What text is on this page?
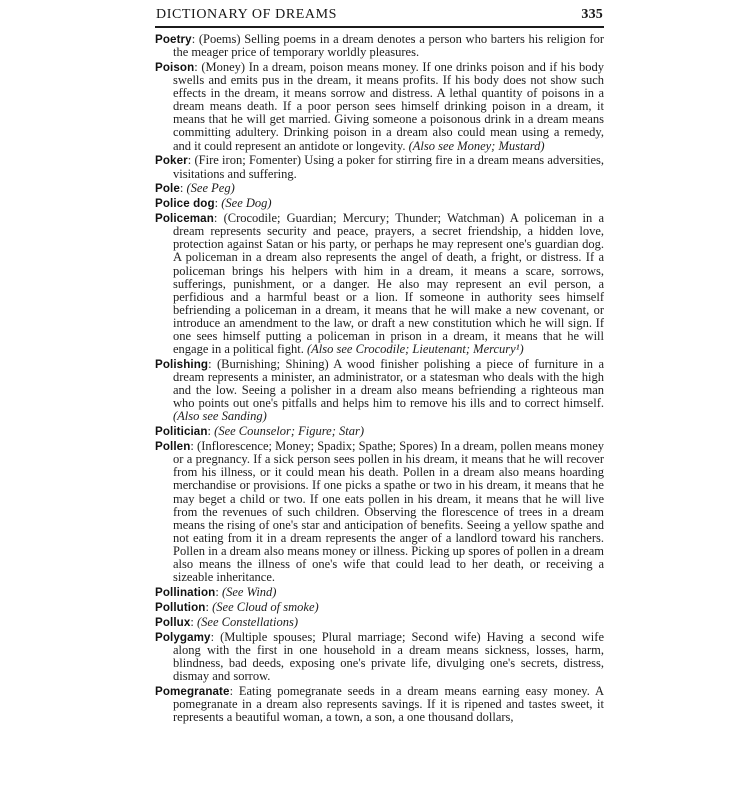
DICTIONARY OF DREAMS	335

Poetry: (Poems) Selling poems in a dream denotes a person who barters his religion for the meager price of temporary worldly pleasures.

Poison: (Money) In a dream, poison means money. If one drinks poison and if his body swells and emits pus in the dream, it means profits. If his body does not show such effects in the dream, it means sorrow and distress. A lethal quantity of poisons in a dream means death. If a poor person sees himself drinking poison in a dream, it means that he will get married. Giving someone a poisonous drink in a dream means committing adultery. Drinking poison in a dream also could mean using a remedy, and it could represent an antidote or longevity. (Also see Money; Mustard)

Poker: (Fire iron; Fomenter) Using a poker for stirring fire in a dream means adversities, visitations and suffering.

Pole: (See Peg)

Police dog: (See Dog)

Policeman: (Crocodile; Guardian; Mercury; Thunder; Watchman) A policeman in a dream represents security and peace, prayers, a secret friendship, a hidden love, protection against Satan or his party, or perhaps he may represent one's guardian dog. A policeman in a dream also represents the angel of death, a fright, or distress. If a policeman brings his helpers with him in a dream, it means a scare, sorrows, sufferings, punishment, or a danger. He also may represent an evil person, a perfidious and a harmful beast or a lion. If someone in authority sees himself befriending a policeman in a dream, it means that he will make a new covenant, or introduce an amendment to the law, or draft a new constitution which he will sign. If one sees himself putting a policeman in prison in a dream, it means that he will engage in a political fight. (Also see Crocodile; Lieutenant; Mercury¹)

Polishing: (Burnishing; Shining) A wood finisher polishing a piece of furniture in a dream represents a minister, an administrator, or a statesman who deals with the high and the low. Seeing a polisher in a dream also means befriending a righteous man who points out one's pitfalls and helps him to remove his ills and to correct himself. (Also see Sanding)

Politician: (See Counselor; Figure; Star)

Pollen: (Inflorescence; Money; Spadix; Spathe; Spores) In a dream, pollen means money or a pregnancy. If a sick person sees pollen in his dream, it means that he will recover from his illness, or it could mean his death. Pollen in a dream also means hoarding merchandise or provisions. If one picks a spathe or two in his dream, it means that he may beget a child or two. If one eats pollen in his dream, it means that he will live from the revenues of such children. Observing the florescence of trees in a dream means the rising of one's star and anticipation of benefits. Seeing a yellow spathe and not eating from it in a dream represents the anger of a landlord toward his ranchers. Pollen in a dream also means money or illness. Picking up spores of pollen in a dream also means the illness of one's wife that could lead to her death, or receiving a sizeable inheritance.

Pollination: (See Wind)

Pollution: (See Cloud of smoke)

Pollux: (See Constellations)

Polygamy: (Multiple spouses; Plural marriage; Second wife) Having a second wife along with the first in one household in a dream means sickness, losses, harm, blindness, bad deeds, exposing one's private life, divulging one's secrets, distress, dismay and sorrow.

Pomegranate: Eating pomegranate seeds in a dream means earning easy money. A pomegranate in a dream also represents savings. If it is ripened and tastes sweet, it represents a beautiful woman, a town, a son, a one thousand dollars,
